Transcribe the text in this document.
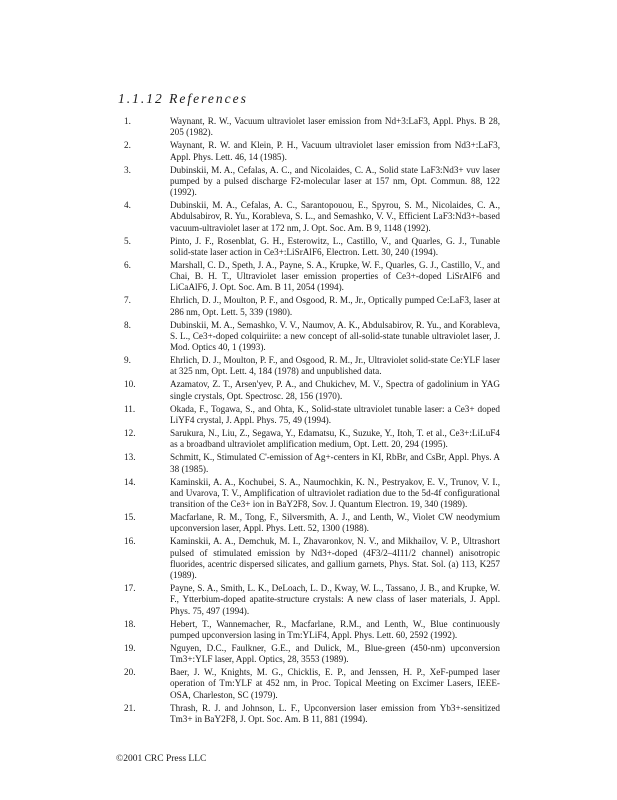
1.1.12 References
1.	Waynant, R. W., Vacuum ultraviolet laser emission from Nd+3:LaF3, Appl. Phys. B 28, 205 (1982).
2.	Waynant, R. W. and Klein, P. H., Vacuum ultraviolet laser emission from Nd3+:LaF3, Appl. Phys. Lett. 46, 14 (1985).
3.	Dubinskii, M. A., Cefalas, A. C., and Nicolaides, C. A., Solid state LaF3:Nd3+ vuv laser pumped by a pulsed discharge F2-molecular laser at 157 nm, Opt. Commun. 88, 122 (1992).
4.	Dubinskii, M. A., Cefalas, A. C., Sarantopouou, E., Spyrou, S. M., Nicolaides, C. A., Abdulsabirov, R. Yu., Korableva, S. L., and Semashko, V. V., Efficient LaF3:Nd3+-based vacuum-ultraviolet laser at 172 nm, J. Opt. Soc. Am. B 9, 1148 (1992).
5.	Pinto, J. F., Rosenblat, G. H., Esterowitz, L., Castillo, V., and Quarles, G. J., Tunable solid-state laser action in Ce3+:LiSrAlF6, Electron. Lett. 30, 240 (1994).
6.	Marshall, C. D., Speth, J. A., Payne, S. A., Krupke, W. F., Quarles, G. J., Castillo, V., and Chai, B. H. T., Ultraviolet laser emission properties of Ce3+-doped LiSrAlF6 and LiCaAlF6, J. Opt. Soc. Am. B 11, 2054 (1994).
7.	Ehrlich, D. J., Moulton, P. F., and Osgood, R. M., Jr., Optically pumped Ce:LaF3, laser at 286 nm, Opt. Lett. 5, 339 (1980).
8.	Dubinskii, M. A., Semashko, V. V., Naumov, A. K., Abdulsabirov, R. Yu., and Korableva, S. L., Ce3+-doped colquiriite: a new concept of all-solid-state tunable ultraviolet laser, J. Mod. Optics 40, 1 (1993).
9.	Ehrlich, D. J., Moulton, P. F., and Osgood, R. M., Jr., Ultraviolet solid-state Ce:YLF laser at 325 nm, Opt. Lett. 4, 184 (1978) and unpublished data.
10.	Azamatov, Z. T., Arsen'yev, P. A., and Chukichev, M. V., Spectra of gadolinium in YAG single crystals, Opt. Spectrosc. 28, 156 (1970).
11.	Okada, F., Togawa, S., and Ohta, K., Solid-state ultraviolet tunable laser: a Ce3+ doped LiYF4 crystal, J. Appl. Phys. 75, 49 (1994).
12.	Sarukura, N., Liu, Z., Segawa, Y., Edamatsu, K., Suzuke, Y., Itoh, T. et al., Ce3+:LiLuF4 as a broadband ultraviolet amplification medium, Opt. Lett. 20, 294 (1995).
13.	Schmitt, K., Stimulated C'-emission of Ag+-centers in KI, RbBr, and CsBr, Appl. Phys. A 38 (1985).
14.	Kaminskii, A. A., Kochubei, S. A., Naumochkin, K. N., Pestryakov, E. V., Trunov, V. I., and Uvarova, T. V., Amplification of ultraviolet radiation due to the 5d-4f configurational transition of the Ce3+ ion in BaY2F8, Sov. J. Quantum Electron. 19, 340 (1989).
15.	Macfarlane, R. M., Tong, F., Silversmith, A. J., and Lenth, W., Violet CW neodymium upconversion laser, Appl. Phys. Lett. 52, 1300 (1988).
16.	Kaminskii, A. A., Demchuk, M. I., Zhavaronkov, N. V., and Mikhailov, V. P., Ultrashort pulsed of stimulated emission by Nd3+-doped (4F3/2–4I11/2 channel) anisotropic fluorides, acentric dispersed silicates, and gallium garnets, Phys. Stat. Sol. (a) 113, K257 (1989).
17.	Payne, S. A., Smith, L. K., DeLoach, L. D., Kway, W. L., Tassano, J. B., and Krupke, W. F., Ytterbium-doped apatite-structure crystals: A new class of laser materials, J. Appl. Phys. 75, 497 (1994).
18.	Hebert, T., Wannemacher, R., Macfarlane, R.M., and Lenth, W., Blue continuously pumped upconversion lasing in Tm:YLiF4, Appl. Phys. Lett. 60, 2592 (1992).
19.	Nguyen, D.C., Faulkner, G.E., and Dulick, M., Blue-green (450-nm) upconversion Tm3+:YLF laser, Appl. Optics, 28, 3553 (1989).
20.	Baer, J. W., Knights, M. G., Chicklis, E. P., and Jenssen, H. P., XeF-pumped laser operation of Tm:YLF at 452 nm, in Proc. Topical Meeting on Excimer Lasers, IEEE-OSA, Charleston, SC (1979).
21.	Thrash, R. J. and Johnson, L. F., Upconversion laser emission from Yb3+-sensitized Tm3+ in BaY2F8, J. Opt. Soc. Am. B 11, 881 (1994).
©2001 CRC Press LLC
